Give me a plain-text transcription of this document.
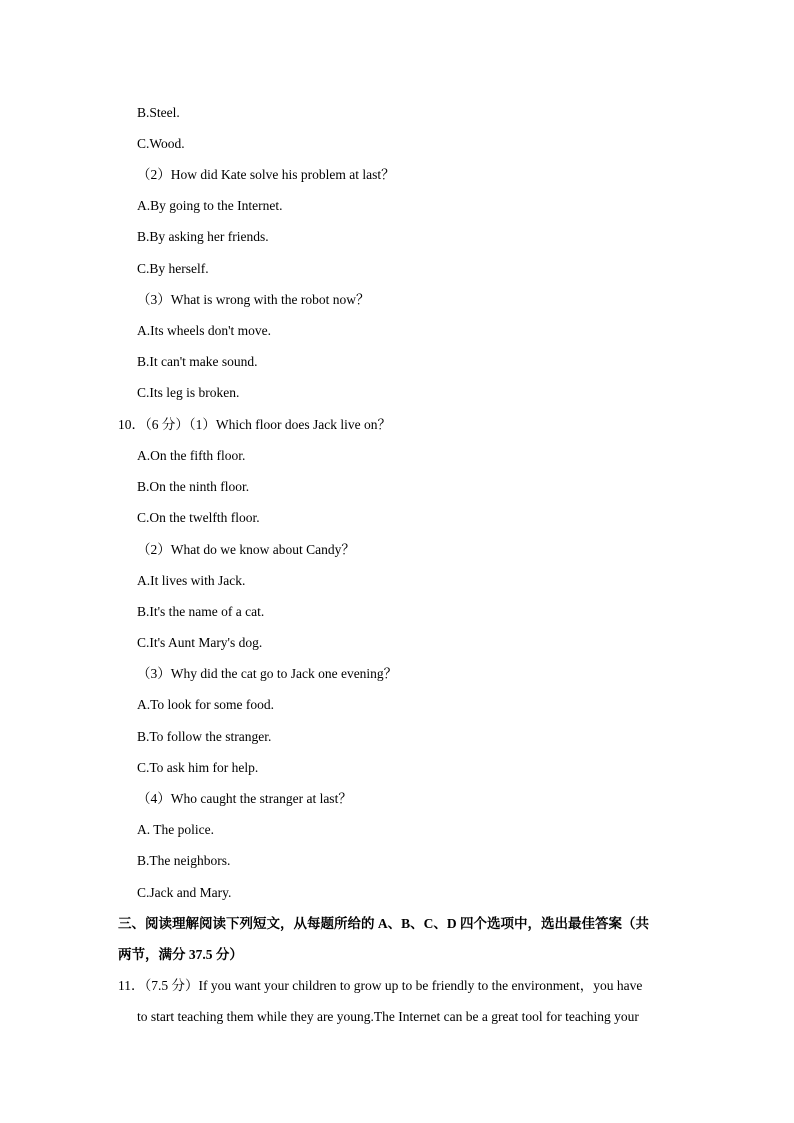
B.Steel.
C.Wood.
（2）How did Kate solve his problem at last？
A.By going to the Internet.
B.By asking her friends.
C.By herself.
（3）What is wrong with the robot now？
A.Its wheels don't move.
B.It can't make sound.
C.Its leg is broken.
10．（6 分）（1）Which floor does Jack live on？
A.On the fifth floor.
B.On the ninth floor.
C.On the twelfth floor.
（2）What do we know about Candy？
A.It lives with Jack.
B.It's the name of a cat.
C.It's Aunt Mary's dog.
（3）Why did the cat go to Jack one evening？
A.To look for some food.
B.To follow the stranger.
C.To ask him for help.
（4）Who caught the stranger at last？
A. The police.
B.The neighbors.
C.Jack and Mary.
三、阅读理解阅读下列短文，从每题所给的 A、B、C、D 四个选项中，选出最佳答案（共
两节，满分 37.5 分）
11．（7.5 分）If you want your children to grow up to be friendly to the environment，you have
to start teaching them while they are young.The Internet can be a great tool for teaching your
